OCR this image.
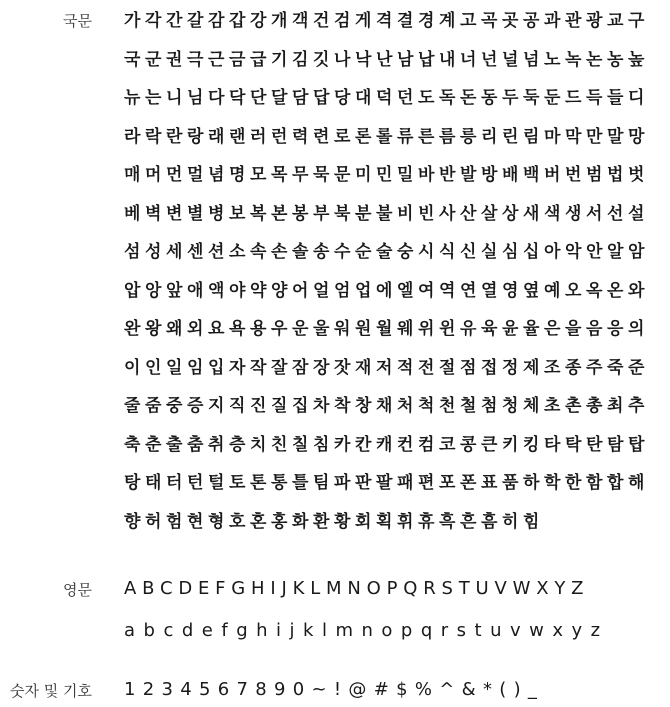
국문 가각간갈감갑강개객건검게격결경계고곡곳공과관광교구
국군권극근금급기김깃나낙난남납내너넌널넘노녹논농높
뉴는니님다닥단달담답당대덕던도독돈동두둑둔드득들디
라락란랑래랜러런력련로론롤류른름릉리린림마막만말망
매머먼멀념명모목무묵문미민밀바반발방배백버번범법벗
베벽변별병보복본봉부북분불비빈사산살상새색생서선설
섬성세센션소속손솔송수순술숭시식신실심십아악안알암
압앙앞애액야약양어얼엄업에엘여역연열영옆예오옥온와
완왕왜외요욕용우운울워원월웨위윈유육윤율은을음응의
이인일임입자작잘잠장잣재저적전절점접정제조종주죽준
줄줌중증지직진질집차착창채처척천철첨청체초촌총최추
축춘출춤취층치친칠침카칸캐컨컴코콩큰키킹타탁탄탐탑
탕태터턴털토톤통틀팀파판팔패편포폰표품하학한함합해
향허험현형호혼홍화환황회획휘휴흑흔흠히힘
영문 ABCDEFGHIJKLMNOPQRSTUVWXYZ
abcdefghijklmnopqrstuvwxyz
숫자 및 기호 1234567890~!@#$%^&*()_
